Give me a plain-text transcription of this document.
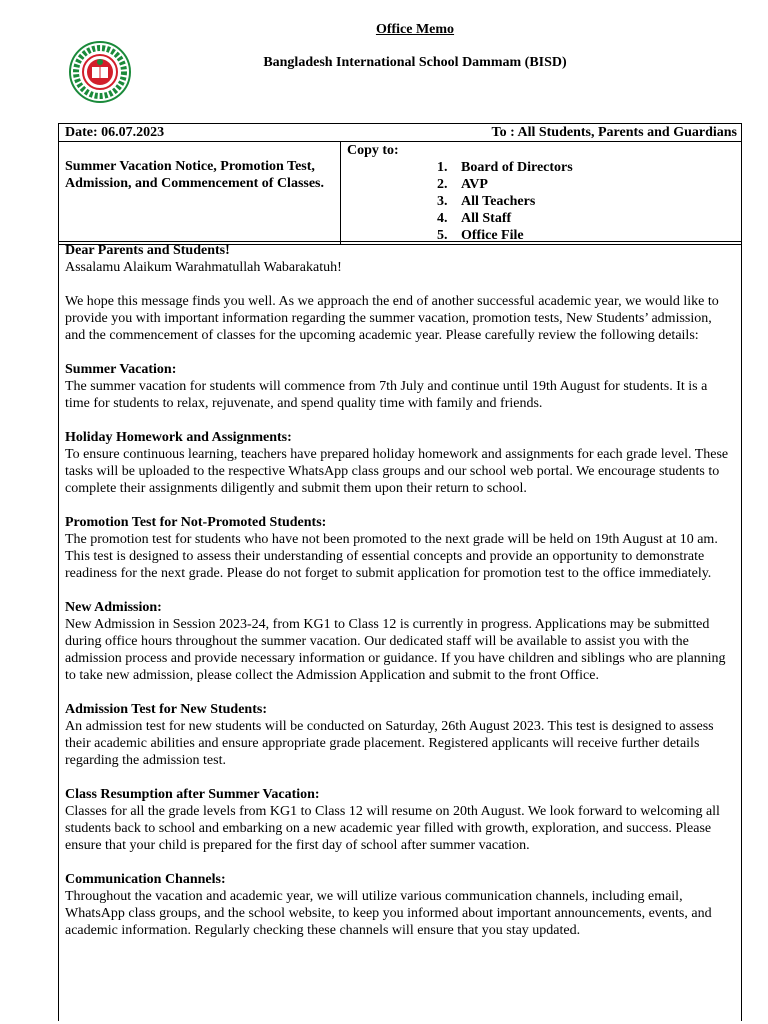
Office Memo
Bangladesh International School Dammam (BISD)
Date: 06.07.2023	To : All Students, Parents and Guardians

Summer Vacation Notice, Promotion Test, Admission, and Commencement of Classes.	
Copy to:
1. Board of Directors
2. AVP
3. All Teachers
4. All Staff
5. Office File

Dear Parents and Students!

Assalamu Alaikum Warahmatullah Wabarakatuh!

We hope this message finds you well. As we approach the end of another successful academic year, we would like to provide you with important information regarding the summer vacation, promotion tests, New Students’ admission, and the commencement of classes for the upcoming academic year. Please carefully review the following details:

Summer Vacation:

The summer vacation for students will commence from 7th July and continue until 19th August for students. It is a time for students to relax, rejuvenate, and spend quality time with family and friends.

Holiday Homework and Assignments:

To ensure continuous learning, teachers have prepared holiday homework and assignments for each grade level. These tasks will be uploaded to the respective WhatsApp class groups and our school web portal. We encourage students to complete their assignments diligently and submit them upon their return to school.

Promotion Test for Not-Promoted Students:

The promotion test for students who have not been promoted to the next grade will be held on 19th August at 10 am. This test is designed to assess their understanding of essential concepts and provide an opportunity to demonstrate readiness for the next grade. Please do not forget to submit application for promotion test to the office immediately.

New Admission:

New Admission in Session 2023-24, from KG1 to Class 12 is currently in progress. Applications may be submitted during office hours throughout the summer vacation. Our dedicated staff will be available to assist you with the admission process and provide necessary information or guidance. If you have children and siblings who are planning to take new admission, please collect the Admission Application and submit to the front Office.

Admission Test for New Students:

An admission test for new students will be conducted on Saturday, 26th August 2023. This test is designed to assess their academic abilities and ensure appropriate grade placement. Registered applicants will receive further details regarding the admission test.

Class Resumption after Summer Vacation:

Classes for all the grade levels from KG1 to Class 12 will resume on 20th August. We look forward to welcoming all students back to school and embarking on a new academic year filled with growth, exploration, and success. Please ensure that your child is prepared for the first day of school after summer vacation.

Communication Channels:

Throughout the vacation and academic year, we will utilize various communication channels, including email, WhatsApp class groups, and the school website, to keep you informed about important announcements, events, and academic information. Regularly checking these channels will ensure that you stay updated.
